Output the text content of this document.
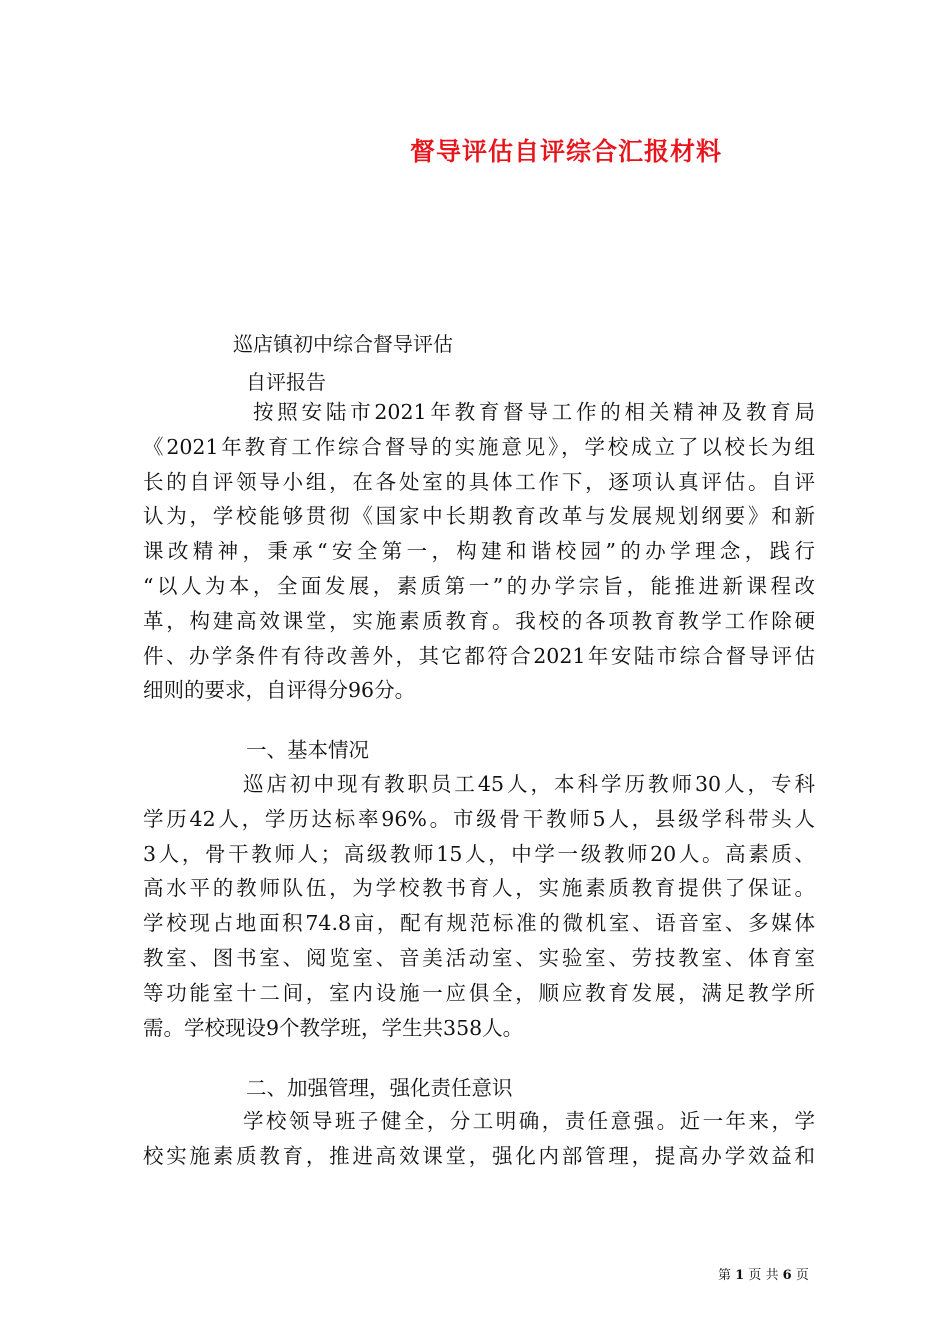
督导评估自评综合汇报材料

巡店镇初中综合督导评估

自评报告

按照安陆市2021年教育督导工作的相关精神及教育局
《2021年教育工作综合督导的实施意见》，学校成立了以校长为组
长的自评领导小组，在各处室的具体工作下，逐项认真评估。自评
认为，学校能够贯彻《国家中长期教育改革与发展规划纲要》和新
课改精神，秉承“安全第一，构建和谐校园”的办学理念，践行
“以人为本，全面发展，素质第一”的办学宗旨，能推进新课程改
革，构建高效课堂，实施素质教育。我校的各项教育教学工作除硬
件、办学条件有待改善外，其它都符合2021年安陆市综合督导评估
细则的要求，自评得分96分。

一、基本情况

巡店初中现有教职员工45人，本科学历教师30人，专科
学历42人，学历达标率96%。市级骨干教师5人，县级学科带头人
3人，骨干教师人；高级教师15人，中学一级教师20人。高素质、
高水平的教师队伍，为学校教书育人，实施素质教育提供了保证。
学校现占地面积74.8亩，配有规范标准的微机室、语音室、多媒体
教室、图书室、阅览室、音美活动室、实验室、劳技教室、体育室
等功能室十二间，室内设施一应俱全，顺应教育发展，满足教学所
需。学校现设9个教学班，学生共358人。

二、加强管理，强化责任意识

学校领导班子健全，分工明确，责任意强。近一年来，学
校实施素质教育，推进高效课堂，强化内部管理，提高办学效益和
第 1 页 共 6 页
